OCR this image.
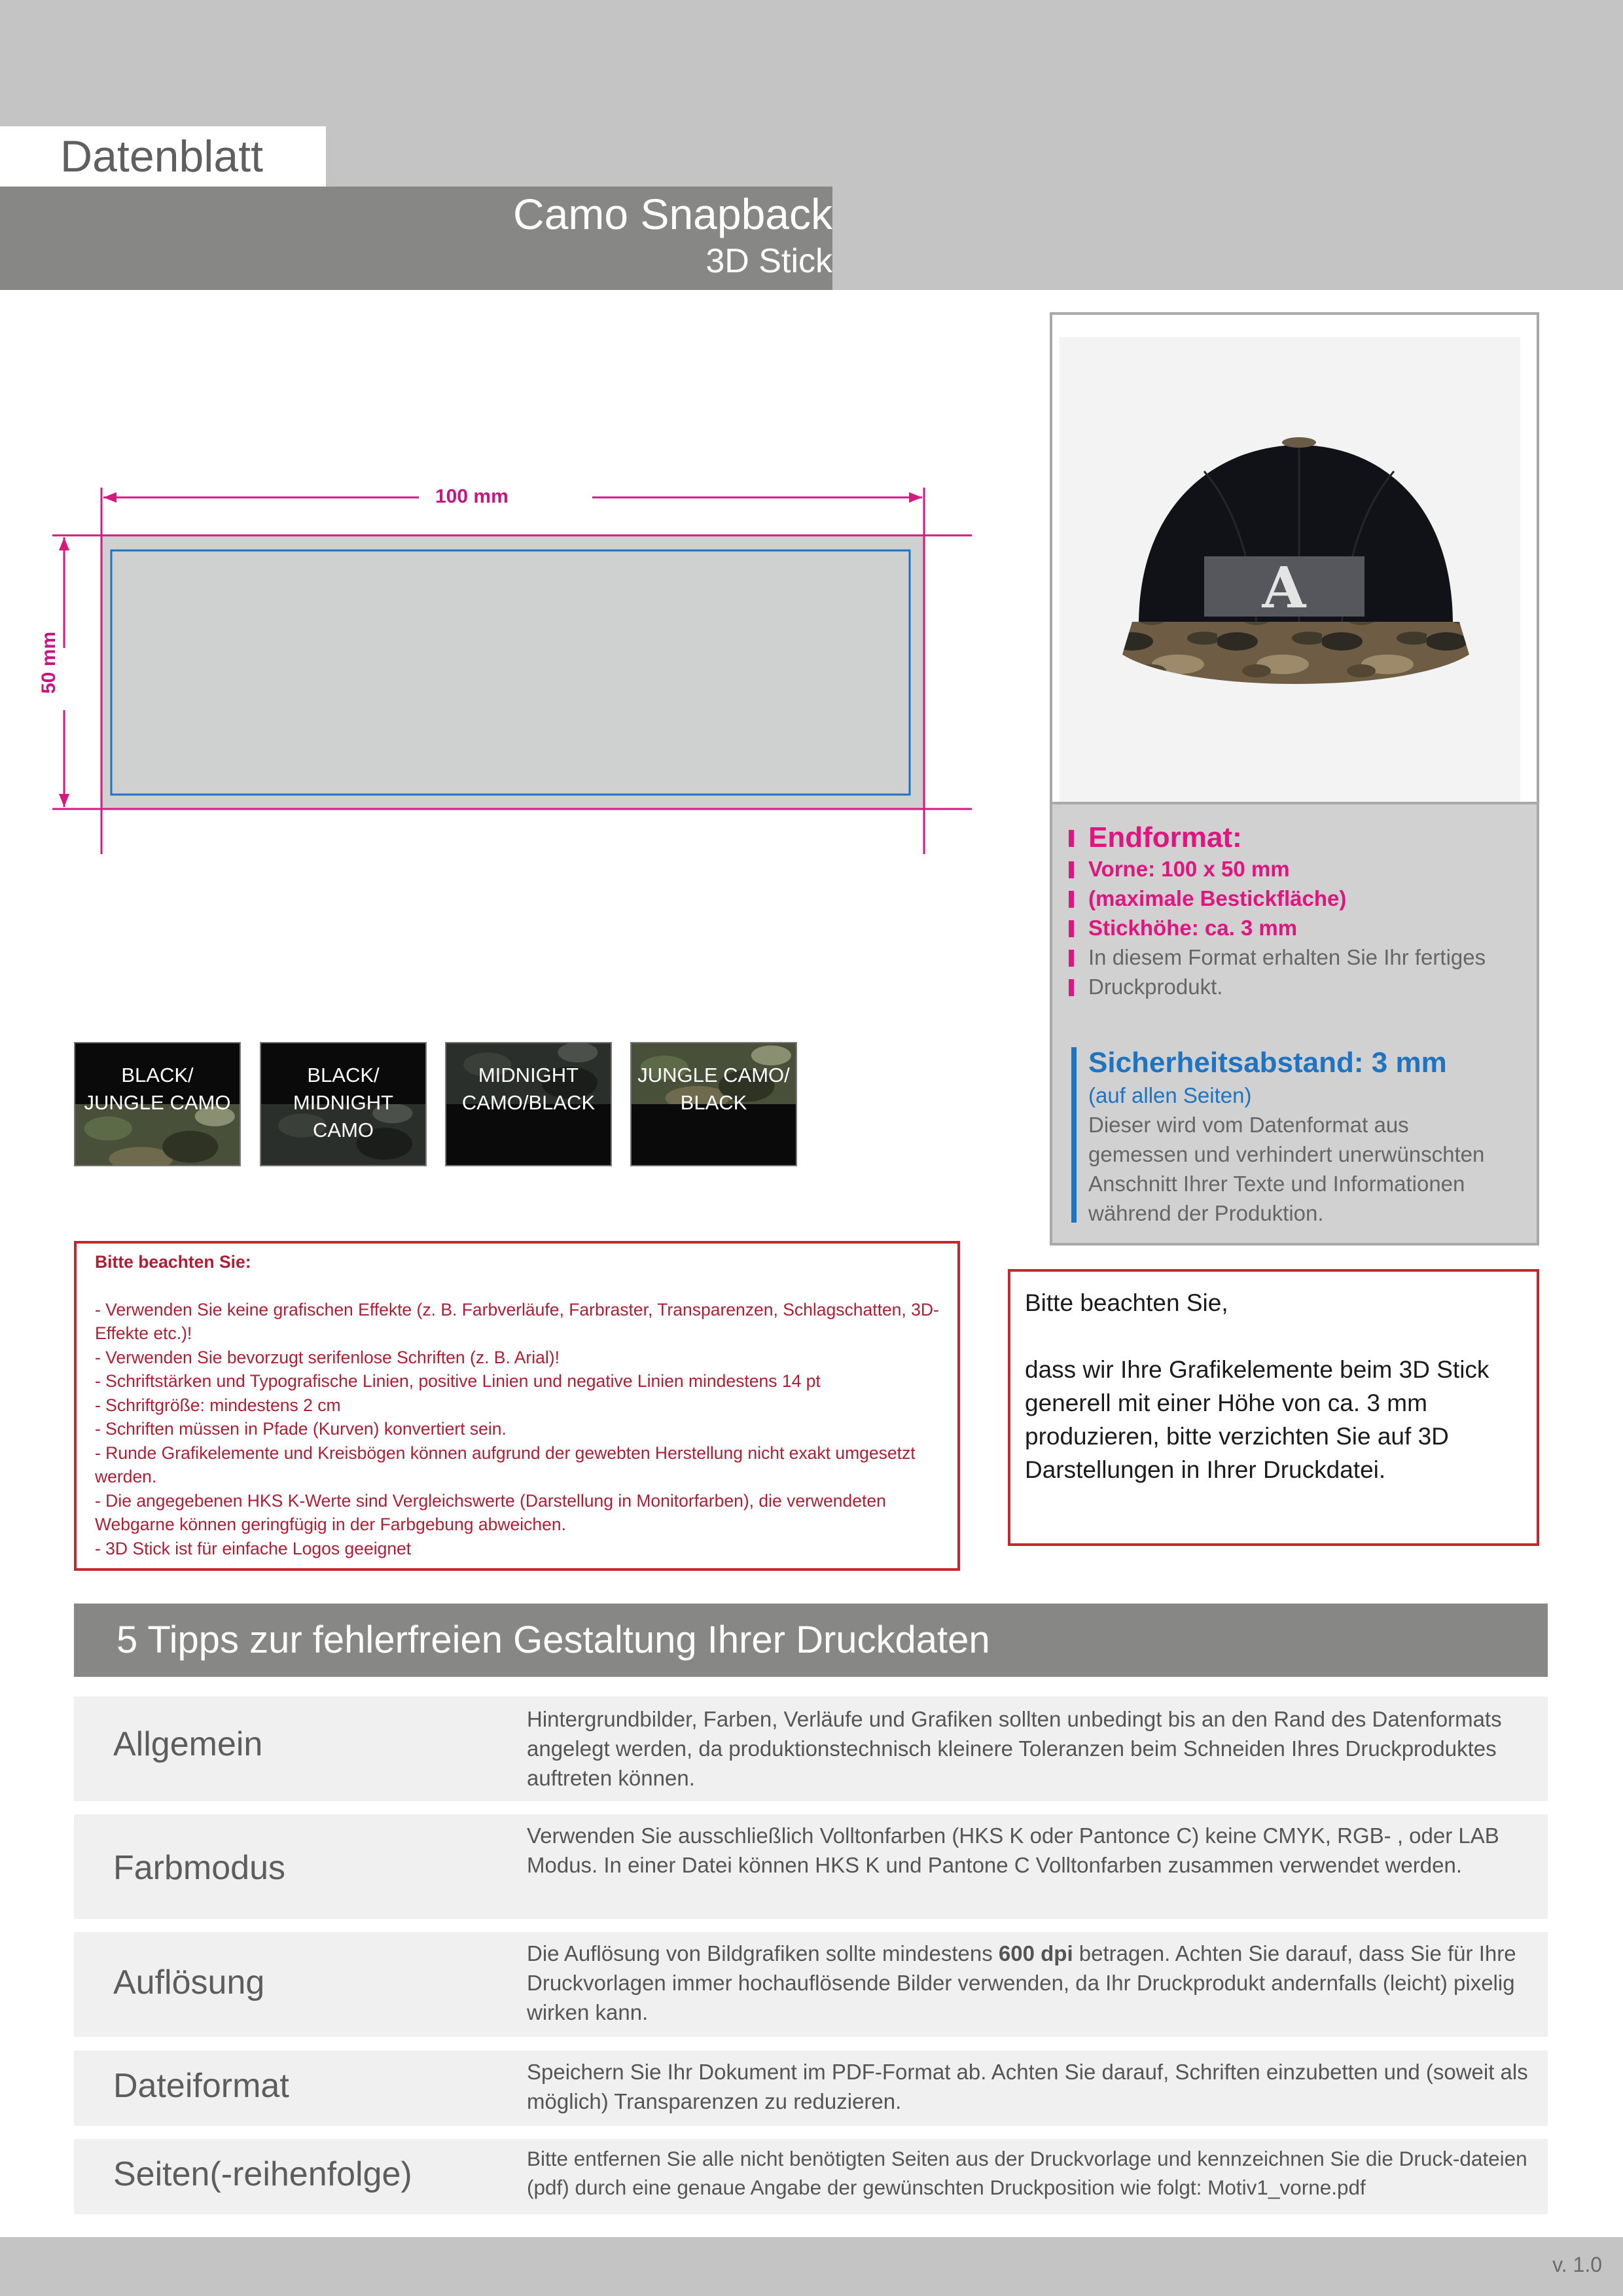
Datenblatt
Camo Snapback
3D Stick
100 mm
50 mm
BLACK/
JUNGLE CAMO
BLACK/
MIDNIGHT CAMO
MIDNIGHT
CAMO/BLACK
JUNGLE CAMO/
BLACK
Bitte beachten Sie:
- Verwenden Sie keine grafischen Effekte (z. B. Farbverläufe, Farbraster, Transparenzen, Schlagschatten, 3D-Effekte etc.)!
- Verwenden Sie bevorzugt serifenlose Schriften (z. B. Arial)!
- Schriftstärken und Typografische Linien, positive Linien und negative Linien mindestens 14 pt
- Schriftgröße: mindestens 2 cm
- Schriften müssen in Pfade (Kurven) konvertiert sein.
- Runde Grafikelemente und Kreisbögen können aufgrund der gewebten Herstellung nicht exakt umgesetzt werden.
- Die angegebenen HKS K-Werte sind Vergleichswerte (Darstellung in Monitorfarben), die verwendeten Webgarne können geringfügig in der Farbgebung abweichen.
- 3D Stick ist für einfache Logos geeignet
A
Endformat:
Vorne: 100 x 50 mm
(maximale Bestickfläche)
Stickhöhe: ca. 3 mm
In diesem Format erhalten Sie Ihr fertiges
Druckprodukt.
Sicherheitsabstand: 3 mm
(auf allen Seiten)
Dieser wird vom Datenformat aus
gemessen und verhindert unerwünschten
Anschnitt Ihrer Texte und Informationen
während der Produktion.
Bitte beachten Sie,
dass wir Ihre Grafikelemente beim 3D Stick generell mit einer Höhe von ca. 3 mm produzieren, bitte verzichten Sie auf 3D Darstellungen in Ihrer Druckdatei.
5 Tipps zur fehlerfreien Gestaltung Ihrer Druckdaten
Allgemein
Hintergrundbilder, Farben, Verläufe und Grafiken sollten unbedingt bis an den Rand des Datenformats angelegt werden, da produktionstechnisch kleinere Toleranzen beim Schneiden Ihres Druckproduktes auftreten können.
Farbmodus
Verwenden Sie ausschließlich Volltonfarben (HKS K oder Pantonce C) keine CMYK, RGB- , oder LAB Modus. In einer Datei können HKS K und Pantone C Volltonfarben zusammen verwendet werden.
Auflösung
Die Auflösung von Bildgrafiken sollte mindestens 600 dpi betragen. Achten Sie darauf, dass Sie für Ihre Druckvorlagen immer hochauflösende Bilder verwenden, da Ihr Druckprodukt andernfalls (leicht) pixelig wirken kann.
Dateiformat	Speichern Sie Ihr Dokument im PDF-Format ab. Achten Sie darauf, Schriften einzubetten und (soweit als möglich) Transparenzen zu reduzieren.
Seiten(-reihenfolge)	Bitte entfernen Sie alle nicht benötigten Seiten aus der Druckvorlage und kennzeichnen Sie die Druck-dateien (pdf) durch eine genaue Angabe der gewünschten Druckposition wie folgt: Motiv1_vorne.pdf
v. 1.0
